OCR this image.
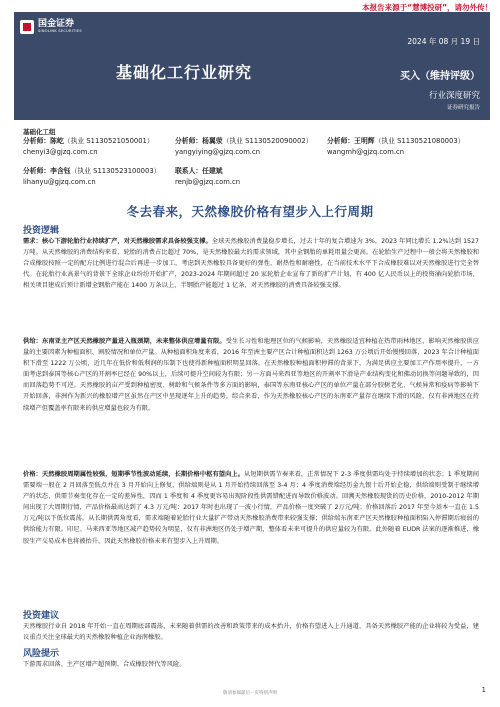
本报告来源于“慧博投研”，请勿外传！
国金证券
SINOLINK SECURITIES
2024 年 08 月 19 日
基础化工行业研究	买入（维持评级）
行业深度研究
证券研究报告
基础化工组
分析师：陈屹（执业 S1130521050001）
chenyi3@gjzq.com.cn
分析师：杨翼荥（执业 S1130520090002）
yangyiying@gjzq.com.cn
分析师：王明辉（执业 S1130521080003）
wangmh@gjzq.com.cn
分析师：李含钰（执业 S1130523100003）
lihanyu@gjzq.com.cn
联系人：任建斌
renjb@gjzq.com.cn
冬去春来，天然橡胶价格有望步入上行周期
投资逻辑
需求：核心下游轮胎行业持续扩产，对天然橡胶需求具备较强支撑。全球天然橡胶消费量稳步增长，过去十年的复合增速为 3%，2023 年同比增长 1.2%达到 1527 万吨。从天然橡胶的消费结构来看，轮胎的消费占比超过 70%，是天然橡胶最大的需求领域，其中全钢胎的单耗用量会更高。在轮胎生产过程中一般会将天然橡胶和合成橡胶按照一定的配方比例进行混合后再进一步加工，考虑到天然橡胶具备更好的弹性、耐热性和耐磨性，在当前技术水平下合成橡胶难以对天然橡胶进行完全替代。在轮胎行业高景气的背景下全球企业纷纷开始扩产，2023-2024 年期间超过 20 家轮胎企业宣布了新的扩产计划，有 400 亿人民币以上的投资涌向轮胎市场，相关项目建成后预计新增全钢胎产能在 1400 万条以上，半钢胎产能超过 1 亿条，对天然橡胶的消费具备较强支撑。
供给：东南亚主产区天然橡胶产量进入瓶颈期，未来整体供应增量有限。受生长习性和地理区位的气候影响，天然橡胶适宜种植在热带雨林地区，影响天然橡胶供应量的主要因素为种植面积、割胶情况和单位产量。从种植面积角度来看，2016 年至洲主要产区合计种植面积达到 1263 万公顷后开始慢慢回落，2023 年合计种植面积下滑至 1222 万公顷，近几年在低价和低利润的压制下也使得新种植面积明显回落。在天然橡胶种植面积停滞的背景下，为满足供应主要加工产作用率提升，一方面考虑到泰国等核心产区的开割率已经在 90%以上，后续可提升空间较为有限；另一方面马来西亚等地区的开割率下滑是产业结构变化和佛动切换等问题导致的，因而回落趋势不可逆。天然橡胶的亩产受到种植密度、树龄和气候条件等多方面的影响，泰国等东南亚核心产区的单位产量在部分胶树老化、气候异常和疫病等影响下开始回落，非洲作为新兴的橡胶增产区虽然在产区中呈现逐年上升的趋势。综合来看，作为天然橡胶核心产区的东南亚产量存在继续下滑的风险，仅有非洲地区在持续增产但覆盖率有限来的供应增量也较为有限。
价格：天然橡胶周期属性较强，短期季节性波动延续，长期价格中枢有望向上。从短期供需节奏来看，正常情况下 2-3 季度供需均处于持续增加的状态；1 季度期间需要端一般在 2 月回落至低点并在 3 月开始向上修复，供给端则是从 1 月开始持续回落至 3-4 月；4 季度消费端经历金九银十后开始企稳，供给端则受制于继续增产的状态，供需节奏变化存在一定的差异性，因而 1 季度和 4 季度更容易出现阶段性供需错配进而导致价格波动。回溯天然橡胶现货的历史价格，2010-2012 年期间出现了大周期行情，产品价格最高达到了 4.3 万元/吨；2017 年时也出现了一波小行情，产品价格一度突破了 2万元/吨；价格回落后 2017 年至今基本一直在 1.5 万元/吨以下低位震荡。从长期供需角度看，需求端随着轮胎行业大量扩产带动天然橡胶消费带来较强支撑；供给端东南亚产区天然橡胶种植面积陷入停滞期后疲弱的供给能力有限。印尼、马来西亚等地区减产趋势较为明显，仅有非洲地区仍处于增产期，整体看未来可提升的供应量较为有限。此外随着 EUDR 法案的逐渐推进，橡胶生产交易成本也将被抬升，因此天然橡胶价格未来有望步入上升周期。
投资建议
天然橡胶行业自 2018 年开始一直在周期底部震荡，未来随着供需的改善和政策带来的成本抬升，价格有望进入上升通道，具备天然橡胶产能的企业将较为受益，建议重点关注全球最大的天然橡胶种植企业海南橡胶。
风险提示
下游需求回落、主产区增产超预期、合成橡胶替代等风险。
敬请参阅最后一页特别声明	1
